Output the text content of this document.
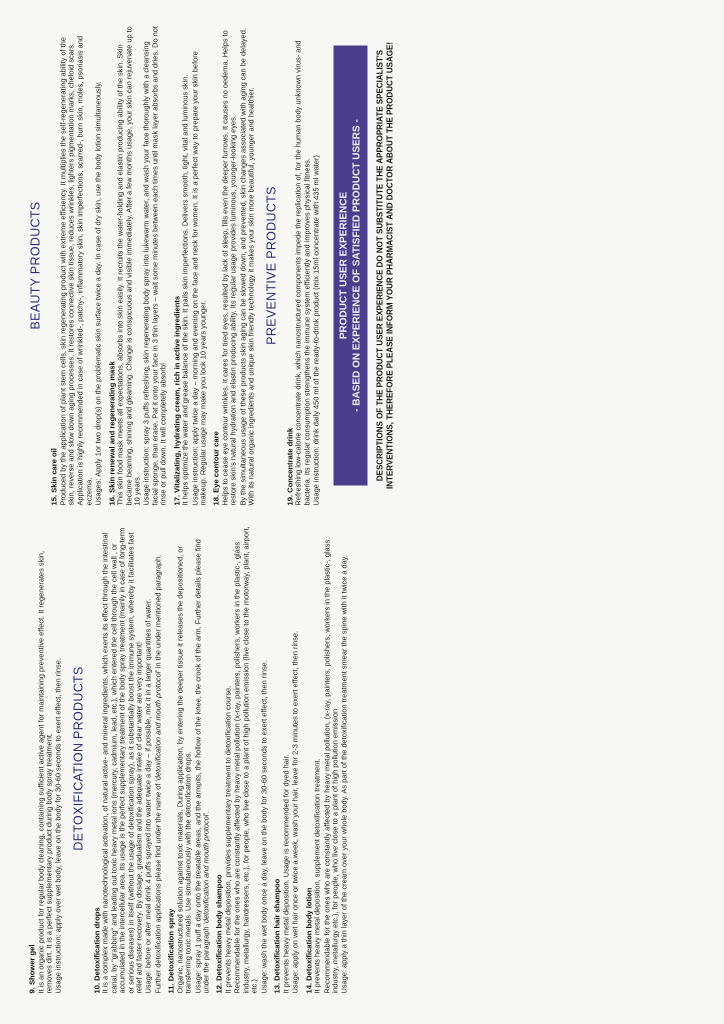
9. Shower gel It is an organic product for regular body cleaning, containing sufficient active agent for maintaining preventive effect. It regenerates skin, removes dirt. It is a perfect supplementary product during body spray treatment. Usage instruction: apply over wet body, leave on the body for 30-60 seconds to exert effect, then rinse. DETOXIFICATION PRODUCTS
10. Detoxification drops It is a complex made with nanotechnological activation, of natural active- and mineral ingredients, which exerts its effect through the intestinal canal, by "grabbing" and leading out toxic heavy metal ions (mercury, cadmium, lead, etc.), which entered the cell through the cell wall , or accumulated in the intercellular area. Its usage is the perfect supplementary treatment of the body spray treatment (mainly in case of long-term or serious diseases) in itself (without the usage of detoxification spray), as it substantially boost the immune system, whereby it facilitates fast relief and faster recovery. By dosage, gradualism and the adequate intake of clear water are very important! Usage: before or after meal drink 4 puffs sprayed into water twice a day – if possible, mix it in a larger quantities of water. Further detoxification applications please find under the name of 'detoxification and mouth protocol' in the under mentioned paragraph.

11. Detoxification spray Organic, nanostructured solution against toxic materials. During application, by entering the deeper tissue it releases the depositioned, or transferring toxic metals. Use simultaneously with the detoxification drops. Usage: spray 1 puff a day onto the treatable areas, and the armpits, the hollow of the knee, the crook of the arm. Further details please find under the paragraph 'detoxification and mouth protocol'.

12. Detoxification body shampoo It prevents heavy metal deposition, provides supplementary treatment to detoxification course. Recommendable for the ones who are constantly affected by heavy metal pollution (x-ray, painters, polishers, workers in the plastic-, glass industry, metallurgy, hairdressers, etc.), for people, who live close to a plant of high pollution emission (live close to the motorway, plant, airport, etc.) Usage: wash the wet body once a day, leave on the body for 30-60 seconds to exert effect, then rinse. 13. Detoxification hair shampoo It prevents heavy metal deposition. Usage is recommended for dyed hair. Usage: apply on wet hair once or twice a week, wash your hair, leave for 2-3 minutes to exert effect, then rinse. 14. Detoxification body lotion It prevents heavy metal deposition, supplement detoxification treatment. Recommendable for the ones who are constantly affected by heavy metal pollution, (x-ray, painters, polishers, workers in the plastic-, glass industry, metallurgy etc.), for people, who live close to a plant of high pollution emission Usage: apply a thin layer of the cream over your whole body. As part of the detoxification treatment smear the spine with it twice a day.

BEAUTY PRODUCTS
15. Skin care oil Produced by the application of plant stem cells, skin regenerating product with extreme efficiency. It multiplies the self-regenerating ability of the skin, reverse and slow down aging processes. It restores connective skin tissue, reduces wrinkles, lighters pigmentation marks, cheloid scars. Application is highly recommended in case of wrinkled-, patchy-, inflammatory skin, skin imperfections, scarred-, burn skin, moles, psoriasis and eczema. Usages: Apply 1or two drop(s) on the problematic skin surface twice a day. In case of dry skin, use the body lotion simultaneously. 16. Skin renewal and regenerating mask This skin food mask meets all expectations, absorbs into skin easily. It recruits the water-holding and elastin producing ability of the skin. Skin became beaming, shining and gleaming. Change is conspicuous and visible immediately. After a few months usage, your skin can rejuvenate up to 10 years. Usage instruction: spray 3 puffs refreshing, skin regenerating body spray into lukewarm water, and wash your face thoroughly with a cleansing facial sponge, than erase. Pat it onto your face in 3 thin layers – wait some minutes between each times until mask layer absorbs and dries. Do not rinse or pull down. It will completely absorb! 17. Vitalizating, hydrating cream, rich in active ingredients It helps optimize the water and grease balance of the skin. It pails skin imperfections. Delivers smooth, tight, vital and luminous skin. Usage instruction: apply twice a day – morning and evening on the face and neck for women. It is a perfect way to prepare your skin before makeup. Regular usage may make you look 10 years younger. 18. Eye contour care Helps to cease eye contour wrinkles. It cares for tired eyes, resulted by lack of sleep, fills even the deeper furrows. It causes no oedema. Helps to restore skin's natural hydration and elastin producing ability. Its regular usage provides luminous, younger-looking eyes. By the simultaneous usage of these products skin aging can be slowed down, and prevented, skin changes associated with aging can be delayed. With its natural organic ingredients and unique skin friendly technology it makes your skin more beautiful, younger and healthier. PREVENTIVE PRODUCTS
19. Concentrate drink Refreshing low-calorie concentrate drink, which nanostructured components impede the replication of, for the human body unknown virus- and bacteria. Its regular consumption strengthens the immune system efficiently and improves physical fitness. Usage instruction: drink daily 450 ml of the ready-to-drink product (mix 15ml concentrate with 435 ml water) PRODUCT USER EXPERIENCE - BASED ON EXPERIENCE OF SATISFIED PRODUCT USERS - DESCRIPTIONS OF THE PRODUCT USER EXPERIENCE DO NOT SUBSTITUTE THE APPROPRIATE SPECIALIST'S INTERVENTIONS, THEREFORE PLEASE INFORM YOUR PHARMACIST AND DOCTOR ABOUT THE PRODUCT USAGE!
